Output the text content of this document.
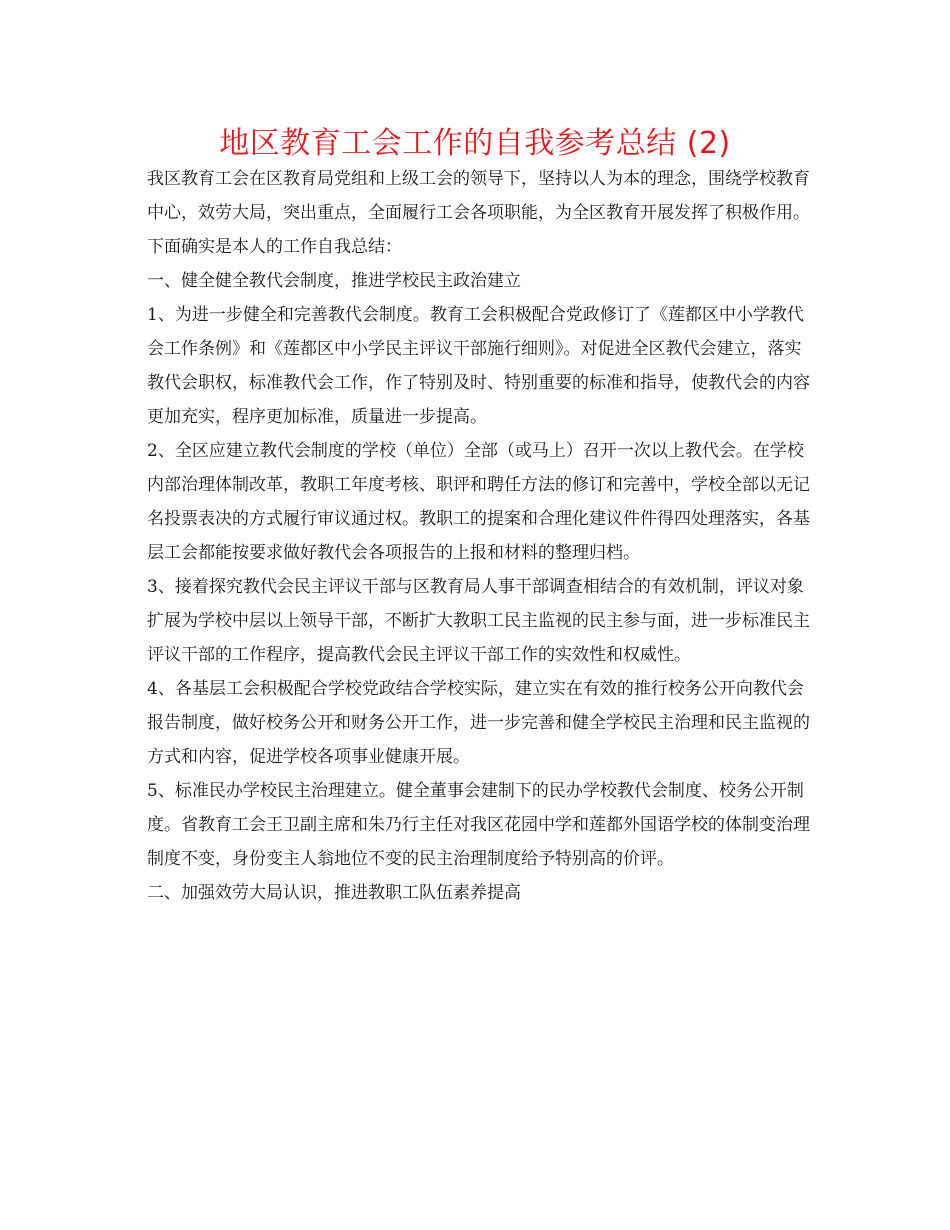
地区教育工会工作的自我参考总结 (2)

我区教育工会在区教育局党组和上级工会的领导下，坚持以人为本的理念，围绕学校教育中心，效劳大局，突出重点，全面履行工会各项职能，为全区教育开展发挥了积极作用。下面确实是本人的工作自我总结：

一、健全健全教代会制度，推进学校民主政治建立

1、为进一步健全和完善教代会制度。教育工会积极配合党政修订了《莲都区中小学教代会工作条例》和《莲都区中小学民主评议干部施行细则》。对促进全区教代会建立，落实教代会职权，标准教代会工作，作了特别及时、特别重要的标准和指导，使教代会的内容更加充实，程序更加标准，质量进一步提高。

2、全区应建立教代会制度的学校（单位）全部（或马上）召开一次以上教代会。在学校内部治理体制改革，教职工年度考核、职评和聘任方法的修订和完善中，学校全部以无记名投票表决的方式履行审议通过权。教职工的提案和合理化建议件件得四处理落实，各基层工会都能按要求做好教代会各项报告的上报和材料的整理归档。

3、接着探究教代会民主评议干部与区教育局人事干部调查相结合的有效机制，评议对象扩展为学校中层以上领导干部，不断扩大教职工民主监视的民主参与面，进一步标准民主评议干部的工作程序，提高教代会民主评议干部工作的实效性和权威性。

4、各基层工会积极配合学校党政结合学校实际，建立实在有效的推行校务公开向教代会报告制度，做好校务公开和财务公开工作，进一步完善和健全学校民主治理和民主监视的方式和内容，促进学校各项事业健康开展。

5、标准民办学校民主治理建立。健全董事会建制下的民办学校教代会制度、校务公开制度。省教育工会王卫副主席和朱乃行主任对我区花园中学和莲都外国语学校的体制变治理制度不变，身份变主人翁地位不变的民主治理制度给予特别高的价评。

二、加强效劳大局认识，推进教职工队伍素养提高
